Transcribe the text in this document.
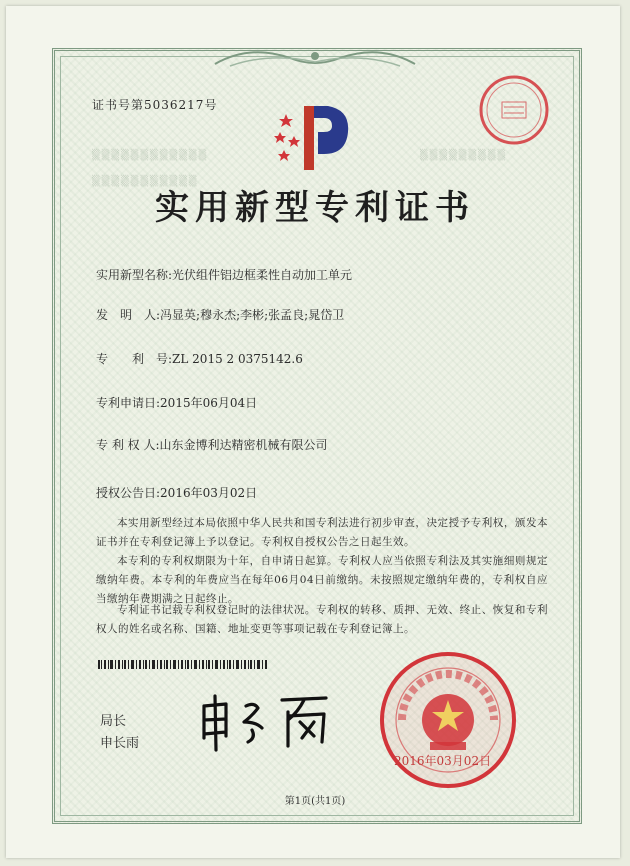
▒▒▒▒▒▒▒▒▒▒▒▒
▒▒▒▒▒▒▒▒▒▒▒
▒▒▒▒▒▒▒▒▒
证书号第5036217号
实用新型专利证书
实用新型名称:光伏组件铝边框柔性自动加工单元
发　明　人:冯显英;穆永杰;李彬;张孟良;晁岱卫
专　　利　号:ZL 2015 2 0375142.6
专利申请日:2015年06月04日
专 利 权 人:山东金博利达精密机械有限公司
授权公告日:2016年03月02日
本实用新型经过本局依照中华人民共和国专利法进行初步审查，决定授予专利权，颁发本证书并在专利登记簿上予以登记。专利权自授权公告之日起生效。
本专利的专利权期限为十年，自申请日起算。专利权人应当依照专利法及其实施细则规定缴纳年费。本专利的年费应当在每年06月04日前缴纳。未按照规定缴纳年费的，专利权自应当缴纳年费期满之日起终止。
专利证书记载专利权登记时的法律状况。专利权的转移、质押、无效、终止、恢复和专利权人的姓名或名称、国籍、地址变更等事项记载在专利登记簿上。
局长
申长雨
2016年03月02日
第1页(共1页)
